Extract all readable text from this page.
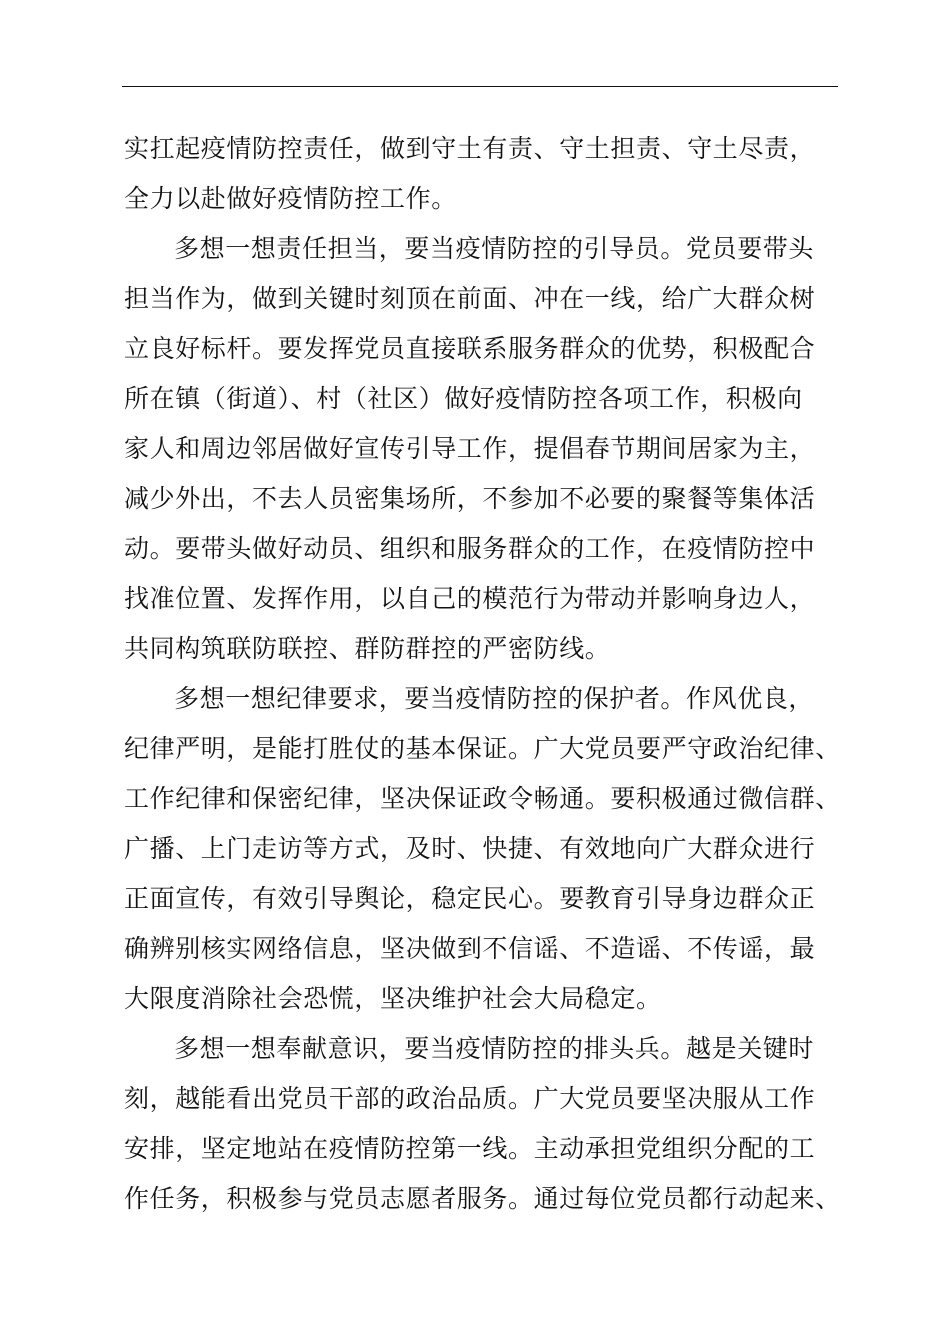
实扛起疫情防控责任，做到守土有责、守土担责、守土尽责，
全力以赴做好疫情防控工作。
多想一想责任担当，要当疫情防控的引导员。党员要带头
担当作为，做到关键时刻顶在前面、冲在一线，给广大群众树
立良好标杆。要发挥党员直接联系服务群众的优势，积极配合
所在镇（街道）、村（社区）做好疫情防控各项工作，积极向
家人和周边邻居做好宣传引导工作，提倡春节期间居家为主，
减少外出，不去人员密集场所，不参加不必要的聚餐等集体活
动。要带头做好动员、组织和服务群众的工作，在疫情防控中
找准位置、发挥作用，以自己的模范行为带动并影响身边人，
共同构筑联防联控、群防群控的严密防线。
多想一想纪律要求，要当疫情防控的保护者。作风优良，
纪律严明，是能打胜仗的基本保证。广大党员要严守政治纪律、
工作纪律和保密纪律，坚决保证政令畅通。要积极通过微信群、
广播、上门走访等方式，及时、快捷、有效地向广大群众进行
正面宣传，有效引导舆论，稳定民心。要教育引导身边群众正
确辨别核实网络信息，坚决做到不信谣、不造谣、不传谣，最
大限度消除社会恐慌，坚决维护社会大局稳定。
多想一想奉献意识，要当疫情防控的排头兵。越是关键时
刻，越能看出党员干部的政治品质。广大党员要坚决服从工作
安排，坚定地站在疫情防控第一线。主动承担党组织分配的工
作任务，积极参与党员志愿者服务。通过每位党员都行动起来、
